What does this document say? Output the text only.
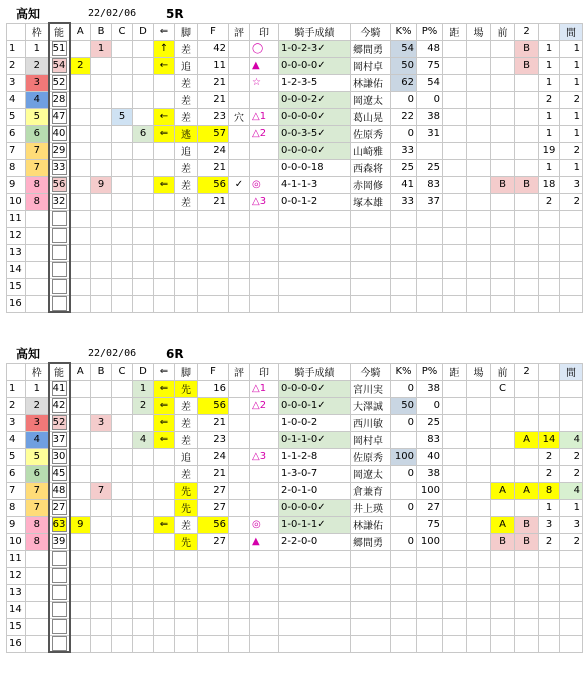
高知	22/02/06 5R
	枠	能	A	B	C	D	⇐	脚	F	評	印	騎手成績	今騎	K%	P%	距	場	前	2		間
1	1	51		1			↑	差	42		◯	1-0-2-3✓	郷間勇	54	48				B	1	1
2	2	54	2				←	追	11		▲	0-0-0-0✓	岡村卓	50	75				B	1	1
3	3	52						差	21		☆	1-2-3-5	林謙佑	62	54					1	1
4	4	28						差	21			0-0-0-2✓	岡遼太	0	0					2	2
5	5	47			5		←	差	23	穴	△1	0-0-0-0✓	葛山晃	22	38					1	1
6	6	40				6	⇐	逃	57		△2	0-0-3-5✓	佐原秀	0	31					1	1
7	7	29						追	24			0-0-0-0✓	山崎雅	33						19	2
8	7	33						差	21			0-0-0-18	西森将	25	25					1	1
9	8	56		9			⇐	差	56	✓	◎	4-1-1-3	赤岡修	41	83			B	B	18	3
10	8	32						差	21		△3	0-0-1-2	塚本雄	33	37					2	2
11		

12		

13		

14		

15		

16		

高知	22/02/06 6R
	枠	能	A	B	C	D	⇐	脚	F	評	印	騎手成績	今騎	K%	P%	距	場	前	2		間
1	1	41				1	⇐	先	16		△1	0-0-0-0✓	宮川実	0	38			C			
2	2	42				2	⇐	差	56		△2	0-0-0-1✓	大澤誠	50	0						
3	3	52		3			⇐	差	21			1-0-0-2	西川敏	0	25						
4	4	37				4	⇐	差	23			0-1-1-0✓	岡村卓		83				A	14	4
5	5	30						追	24		△3	1-1-2-8	佐原秀	100	40					2	2
6	6	45						差	21			1-3-0-7	岡遼太	0	38					2	2
7	7	48		7				先	27			2-0-1-0	倉兼育		100			A	A	8	4
8	7	27						先	27			0-0-0-0✓	井上瑛	0	27					1	1
9	8	63	9				⇐	差	56		◎	1-0-1-1✓	林謙佑		75			A	B	3	3
10	8	39						先	27		▲	2-2-0-0	郷間勇	0	100			B	B	2	2
11		

12		

13		

14		

15		

16		
